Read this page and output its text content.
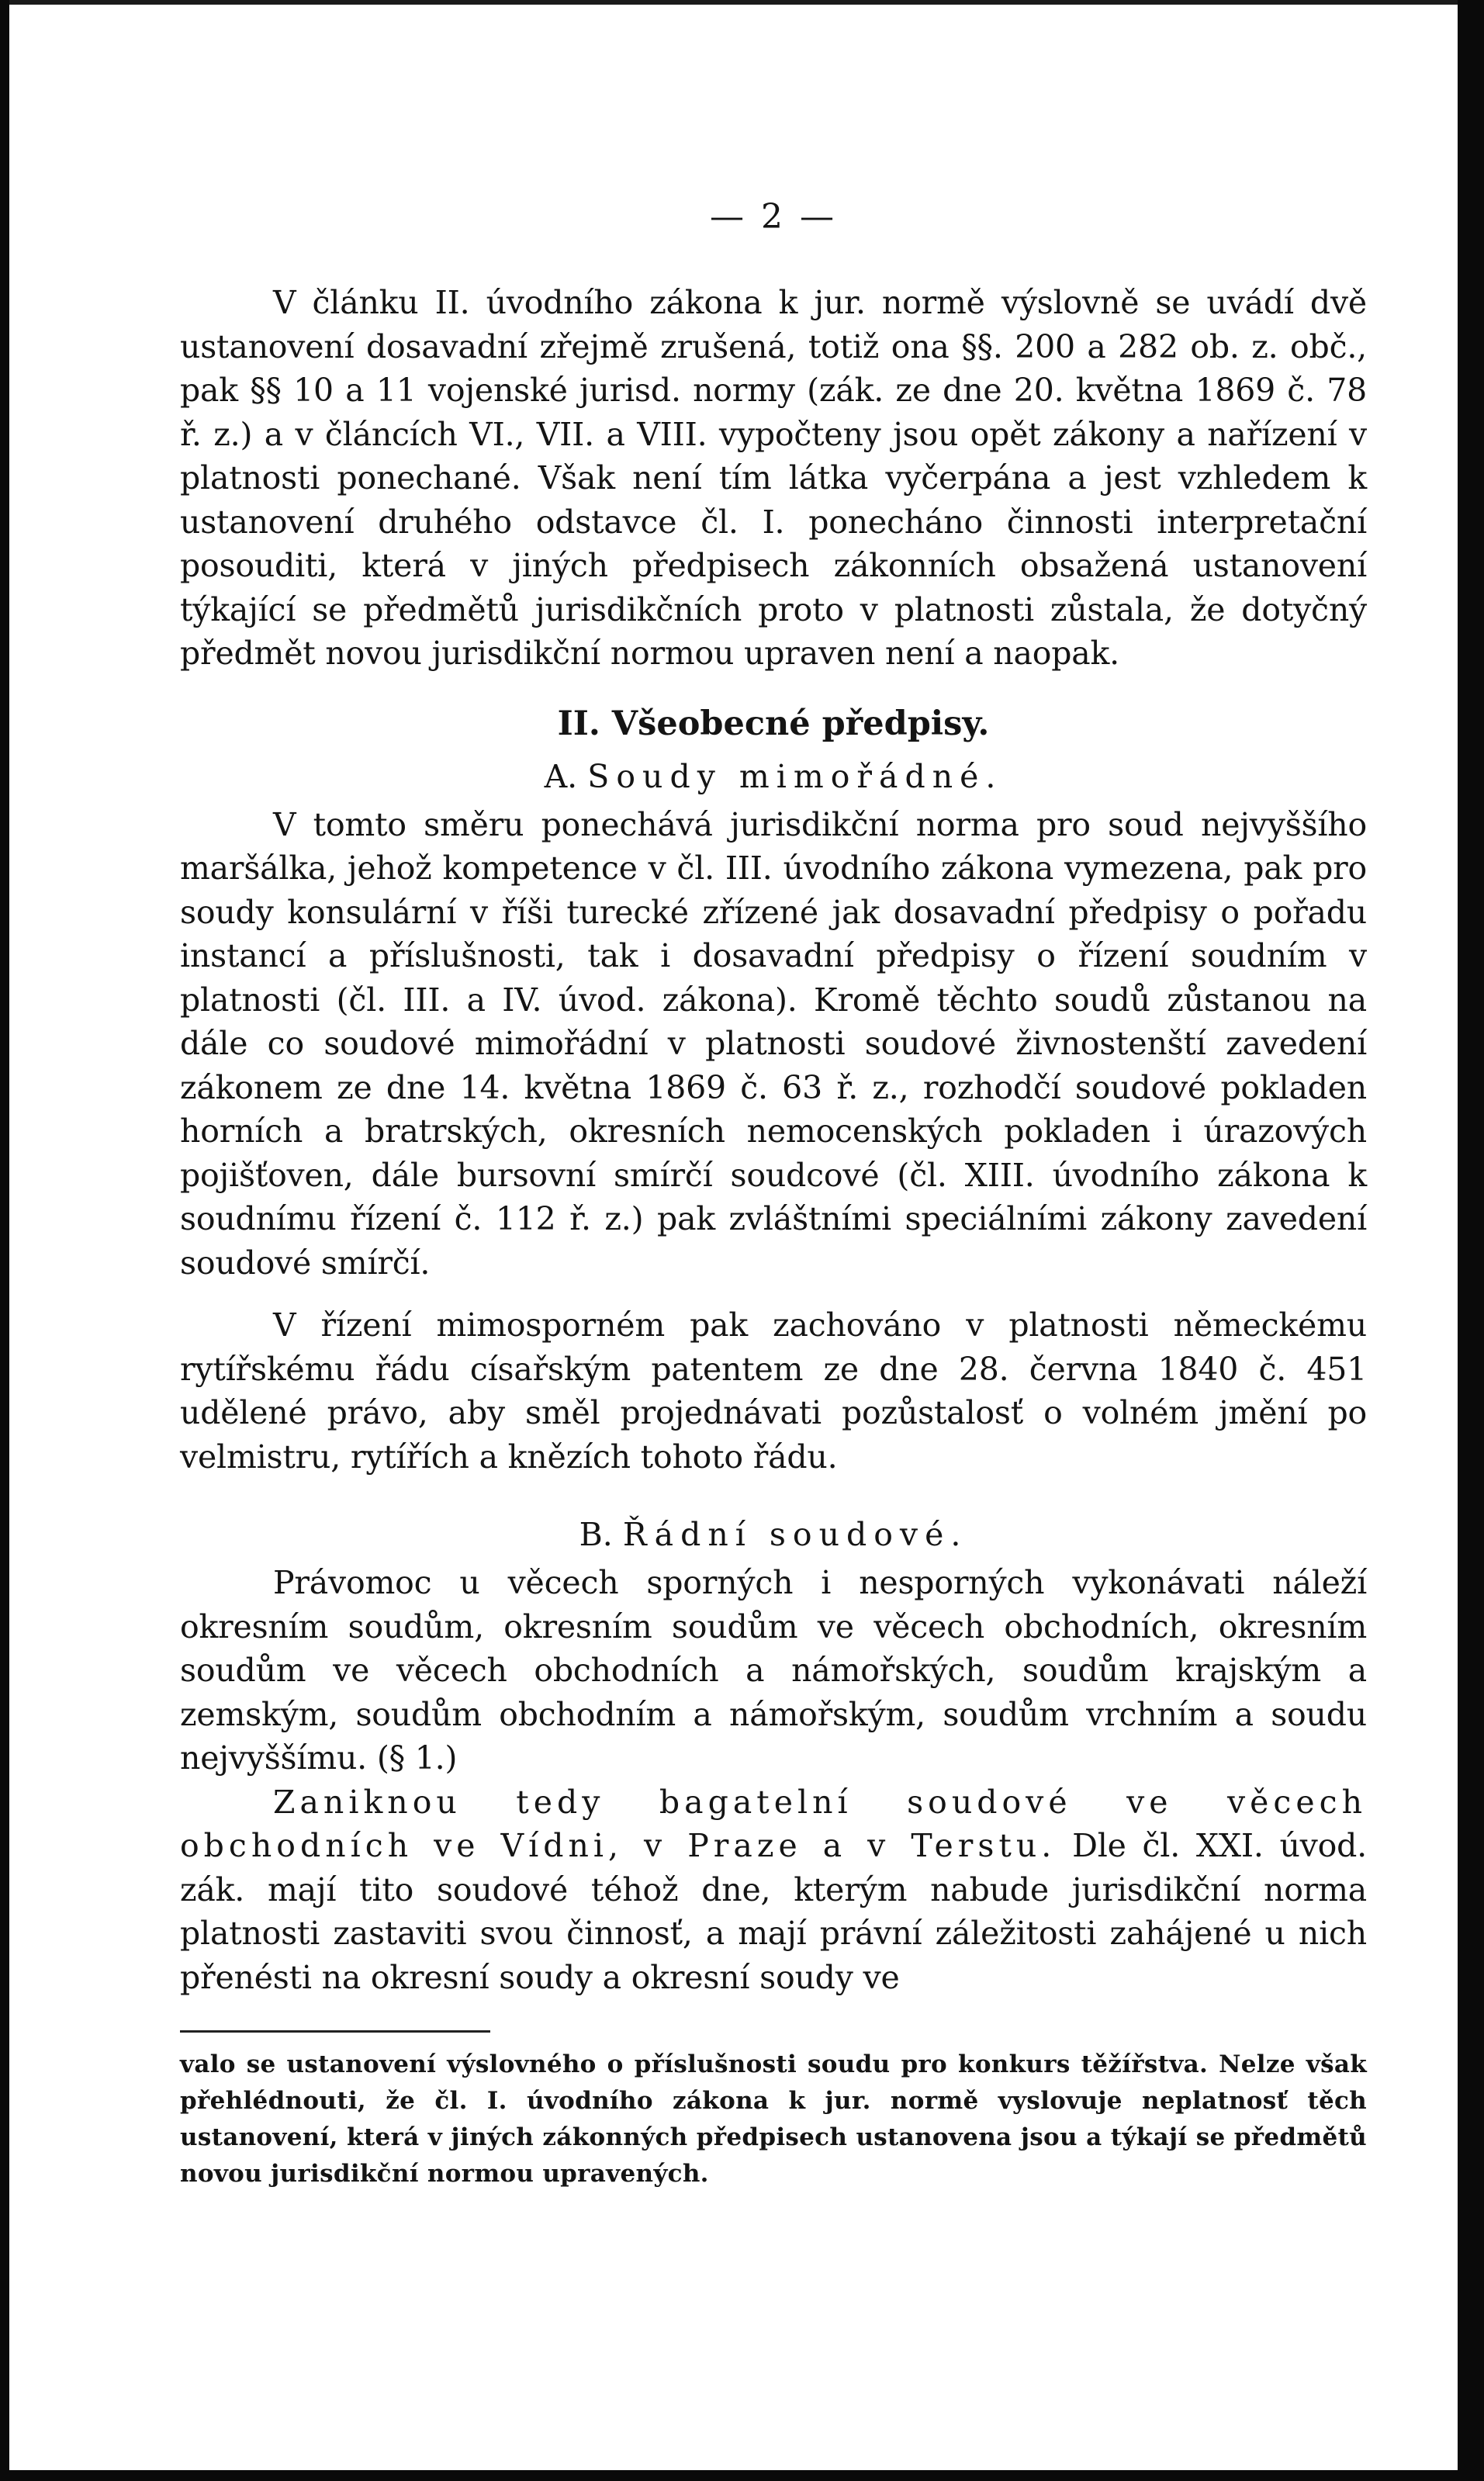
— 2 —

V článku II. úvodního zákona k jur. normě výslovně se uvádí dvě ustanovení dosavadní zřejmě zrušená, totiž ona §§. 200 a 282 ob. z. obč., pak §§ 10 a 11 vojenské jurisd. normy (zák. ze dne 20. května 1869 č. 78 ř. z.) a v článcích VI., VII. a VIII. vypočteny jsou opět zákony a nařízení v platnosti ponechané. Však není tím látka vyčerpána a jest vzhledem k ustanovení druhého odstavce čl. I. ponecháno činnosti interpretační posouditi, která v jiných předpisech zákonních obsažená ustanovení týkající se předmětů jurisdikčních proto v platnosti zůstala, že dotyčný předmět novou jurisdikční normou upraven není a naopak.

II. Všeobecné předpisy.
A. Soudy mimořádné.

V tomto směru ponechává jurisdikční norma pro soud nejvyššího maršálka, jehož kompetence v čl. III. úvodního zákona vymezena, pak pro soudy konsulární v říši turecké zřízené jak dosavadní předpisy o pořadu instancí a příslušnosti, tak i dosavadní předpisy o řízení soudním v platnosti (čl. III. a IV. úvod. zákona). Kromě těchto soudů zůstanou na dále co soudové mimořádní v platnosti soudové živnostenští zavedení zákonem ze dne 14. května 1869 č. 63 ř. z., rozhodčí soudové pokladen horních a bratrských, okresních nemocenských pokladen i úrazových pojišťoven, dále bursovní smírčí soudcové (čl. XIII. úvodního zákona k soudnímu řízení č. 112 ř. z.) pak zvláštními speciálními zákony zavedení soudové smírčí.

V řízení mimosporném pak zachováno v platnosti německému rytířskému řádu císařským patentem ze dne 28. června 1840 č. 451 udělené právo, aby směl projednávati pozůstalosť o volném jmění po velmistru, rytířích a knězích tohoto řádu.

B. Řádní soudové.

Právomoc u věcech sporných i nesporných vykonávati náleží okresním soudům, okresním soudům ve věcech obchodních, okresním soudům ve věcech obchodních a námořských, soudům krajským a zemským, soudům obchodním a námořským, soudům vrchním a soudu nejvyššímu. (§ 1.)

Zaniknou tedy bagatelní soudové ve věcech obchodních ve Vídni, v Praze a v Terstu. Dle čl. XXI. úvod. zák. mají tito soudové téhož dne, kterým nabude jurisdikční norma platnosti zastaviti svou činnosť, a mají právní záležitosti zahájené u nich přenésti na okresní soudy a okresní soudy ve

valo se ustanovení výslovného o příslušnosti soudu pro konkurs těžířstva. Nelze však přehlédnouti, že čl. I. úvodního zákona k jur. normě vyslovuje neplatnosť těch ustanovení, která v jiných zákonných předpisech ustanovena jsou a týkají se předmětů novou jurisdikční normou upravených.
